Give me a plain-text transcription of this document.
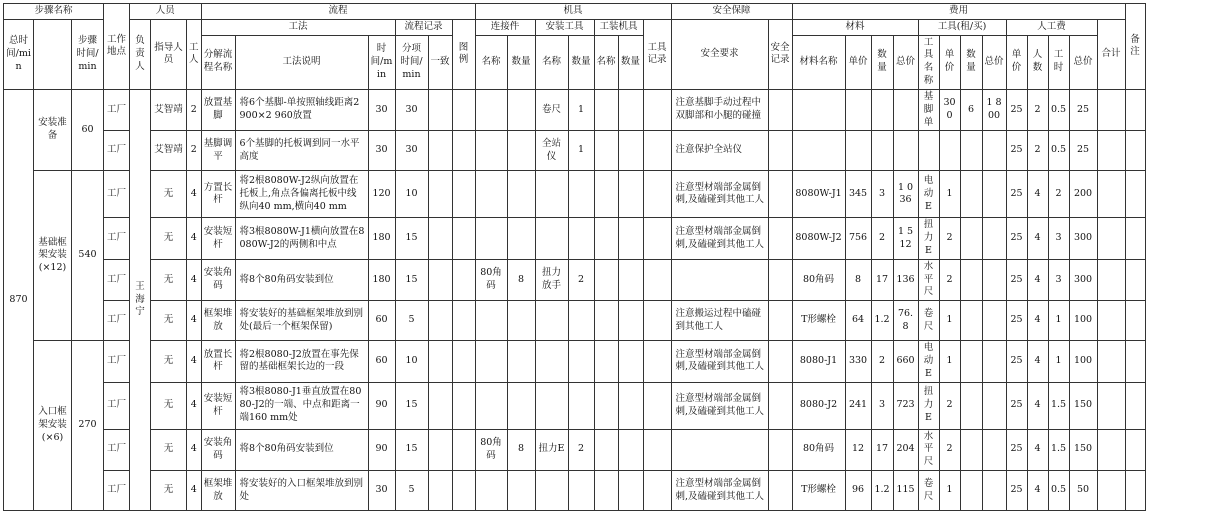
步骤名称			工作地点	人员			流程						机具							安全保障		费用													备注
总时间/min		步骤时间/min		负责人	指导人员	工人	工法			流程记录		图例	连接件		安装工具		工装机具		工具记录	安全要求	安全记录	材料				工具(租/买)				人工费				合计	
							分解流程名称	工法说明	时间/min	分项时间/min	一致		名称	数量	名称	数量	名称	数量				材料名称	单价	数量	总价	工具名称	单价	数量	总价	单价	人数	工时	总价		
870	安装准备	60	工厂	王海宁	艾智靖	2	放置基脚	将6个基脚-单按照轴线距离2 900×2 960放置	30	30					卷尺	1				注意基脚手动过程中双脚部和小腿的碰撞						基脚单	300	6	1 800	25	2	0.5	25		
			工厂		艾智靖	2	基脚调平	6个基脚的托板调到同一水平高度	30	30					全站仪	1				注意保护全站仪										25	2	0.5	25		
	基础框架安装(×12)	540	工厂		无	4	方置长杆	将2根8080W-J2纵向放置在托板上,角点各偏离托板中线纵向40 mm,横向40 mm	120	10										注意型材端部金属倒刺,及磕碰到其他工人		8080W-J1	345	3	1 036	电动E	1			25	4	2	200		
			工厂		无	4	安装短杆	将3根8080W-J1横向放置在8080W-J2的两侧和中点	180	15										注意型材端部金属倒刺,及磕碰到其他工人		8080W-J2	756	2	1 512	扭力E	2			25	4	3	300		
			工厂		无	4	安装角码	将8个80角码安装到位	180	15			80角码	8	扭力放手	2						80角码	8	17	136	水平尺	2			25	4	3	300		
			工厂		无	4	框架堆放	将安装好的基础框架堆放到别处(最后一个框架保留)	60	5										注意搬运过程中磕碰到其他工人		T形螺栓	64	1.2	76.8	卷尺	1			25	4	1	100		
	入口框架安装(×6)	270	工厂		无	4	放置长杆	将2根8080-J2放置在事先保留的基础框架长边的一段	60	10										注意型材端部金属倒刺,及磕碰到其他工人		8080-J1	330	2	660	电动E	1			25	4	1	100		
			工厂		无	4	安装短杆	将3根8080-J1垂直放置在8080-J2的一端、中点和距离一端160 mm处	90	15										注意型材端部金属倒刺,及磕碰到其他工人		8080-J2	241	3	723	扭力E	2			25	4	1.5	150		
			工厂		无	4	安装角码	将8个80角码安装到位	90	15			80角码	8	扭力E	2						80角码	12	17	204	水平尺	2			25	4	1.5	150		
			工厂		无	4	框架堆放	将安装好的入口框架堆放到别处	30	5										注意型材端部金属倒刺,及磕碰到其他工人		T形螺栓	96	1.2	115	卷尺	1			25	4	0.5	50		
